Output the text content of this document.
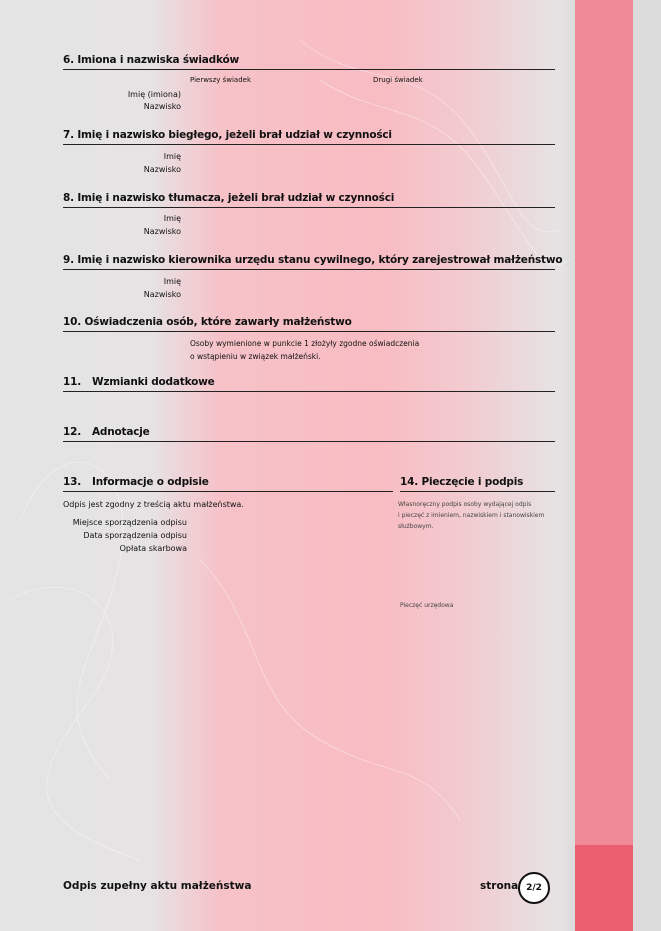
6. Imiona i nazwiska świadków
Pierwszy świadek	Drugi świadek
Imię (imiona)
Nazwisko
7. Imię i nazwisko biegłego, jeżeli brał udział w czynności
Imię
Nazwisko
8. Imię i nazwisko tłumacza, jeżeli brał udział w czynności
Imię
Nazwisko
9. Imię i nazwisko kierownika urzędu stanu cywilnego, który zarejestrował małżeństwo
Imię
Nazwisko
10. Oświadczenia osób, które zawarły małżeństwo
Osoby wymienione w punkcie 1 złożyły zgodne oświadczenia
o wstąpieniu w związek małżeński.
11. Wzmianki dodatkowe
12. Adnotacje
13. Informacje o odpisie
Odpis jest zgodny z treścią aktu małżeństwa.
Miejsce sporządzenia odpisu
Data sporządzenia odpisu
Opłata skarbowa
14. Pieczęcie i podpis
Własnoręczny podpis osoby wydającej odpis
i pieczęć z imieniem, nazwiskiem i stanowiskiem
służbowym.
Pieczęć urzędowa
Odpis zupełny aktu małżeństwa	strona 2/2
